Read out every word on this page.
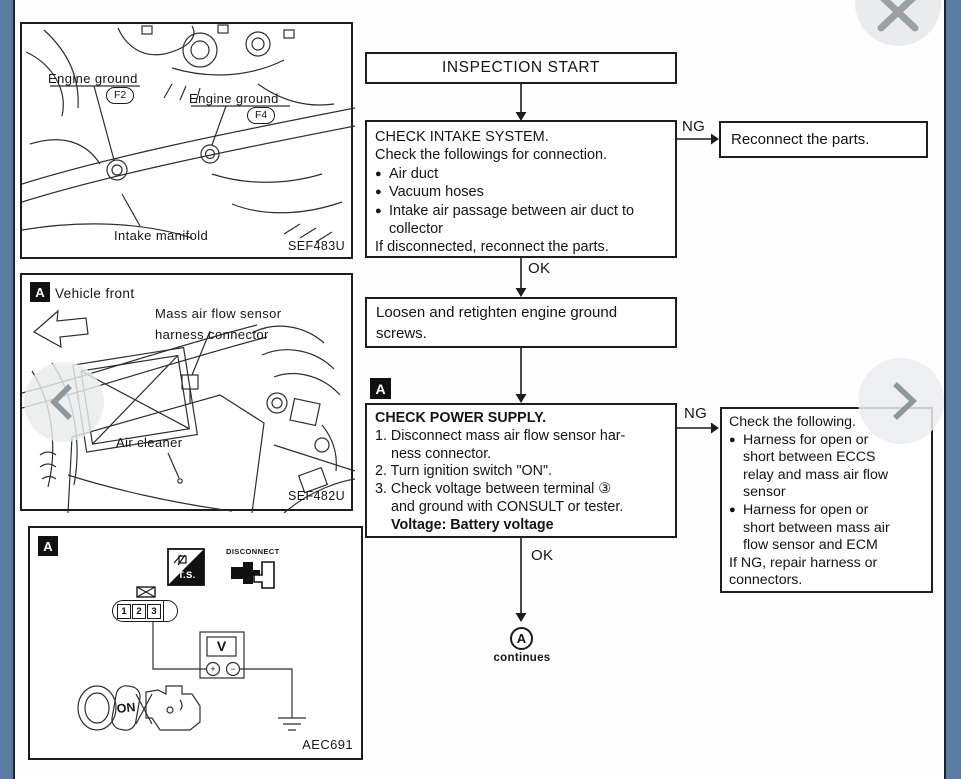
INSPECTION START
CHECK INTAKE SYSTEM.
Check the followings for connection.
● Air duct
● Vacuum hoses
● Intake air passage between air duct to
collector
If disconnected, reconnect the parts.
NG
Reconnect the parts.
OK
Loosen and retighten engine ground
screws.
A
CHECK POWER SUPPLY.
1. Disconnect mass air flow sensor har-
ness connector.
2. Turn ignition switch "ON".
3. Check voltage between terminal ③
and ground with CONSULT or tester.
Voltage: Battery voltage
NG Check the following.
● Harness for open or
short between ECCS
relay and mass air flow
sensor
● Harness for open or
short between mass air
flow sensor and ECM
If NG, repair harness or
connectors.
OK
A
continues
Engine ground
F2	Engine ground
F4
Intake manifold
SEF483U
A Vehicle front
Mass air flow sensor
harness connector
Air cleaner
SEF482U
A
T.S.
DISCONNECT
1	2	3
V
+	−
ON
AEC691
